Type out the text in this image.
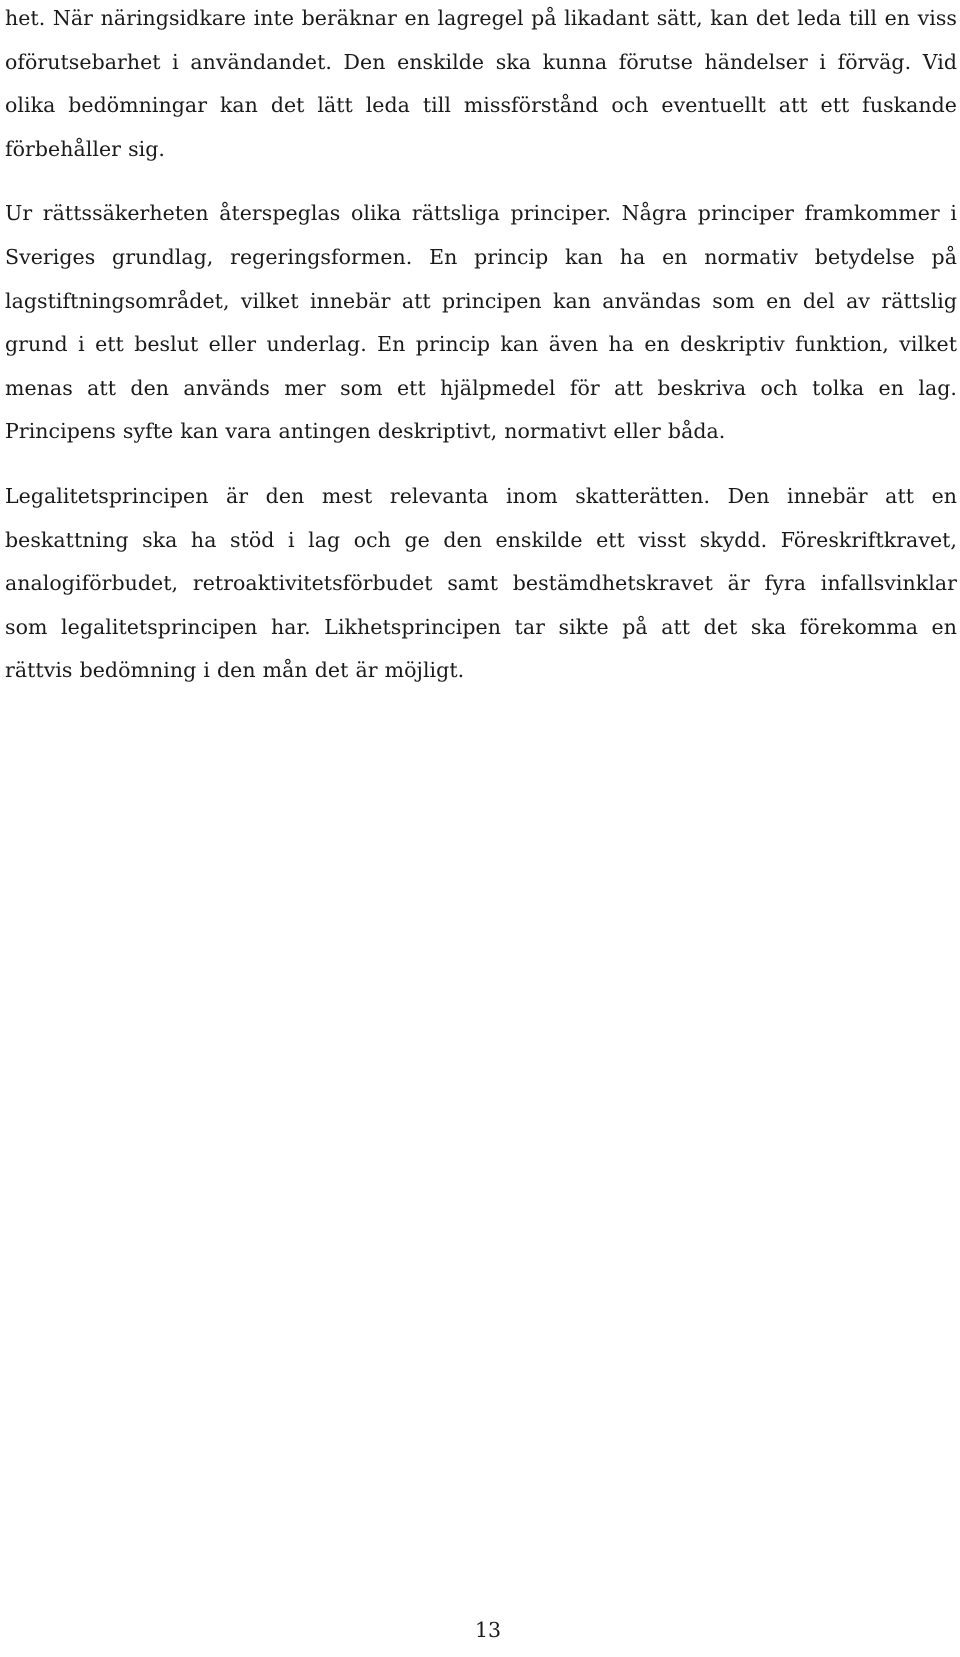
het. När näringsidkare inte beräknar en lagregel på likadant sätt, kan det leda till en viss oförutsebarhet i användandet. Den enskilde ska kunna förutse händelser i förväg. Vid olika bedömningar kan det lätt leda till missförstånd och eventuellt att ett fuskande förbehåller sig.

Ur rättssäkerheten återspeglas olika rättsliga principer. Några principer framkommer i Sveriges grundlag, regeringsformen. En princip kan ha en normativ betydelse på lagstiftningsområdet, vilket innebär att principen kan användas som en del av rättslig grund i ett beslut eller underlag. En princip kan även ha en deskriptiv funktion, vilket menas att den används mer som ett hjälpmedel för att beskriva och tolka en lag. Principens syfte kan vara antingen deskriptivt, normativt eller båda.

Legalitetsprincipen är den mest relevanta inom skatterätten. Den innebär att en beskattning ska ha stöd i lag och ge den enskilde ett visst skydd. Föreskriftkravet, analogiförbudet, retroaktivitetsförbudet samt bestämdhetskravet är fyra infallsvinklar som legalitetsprincipen har. Likhetsprincipen tar sikte på att det ska förekomma en rättvis bedömning i den mån det är möjligt.

13
